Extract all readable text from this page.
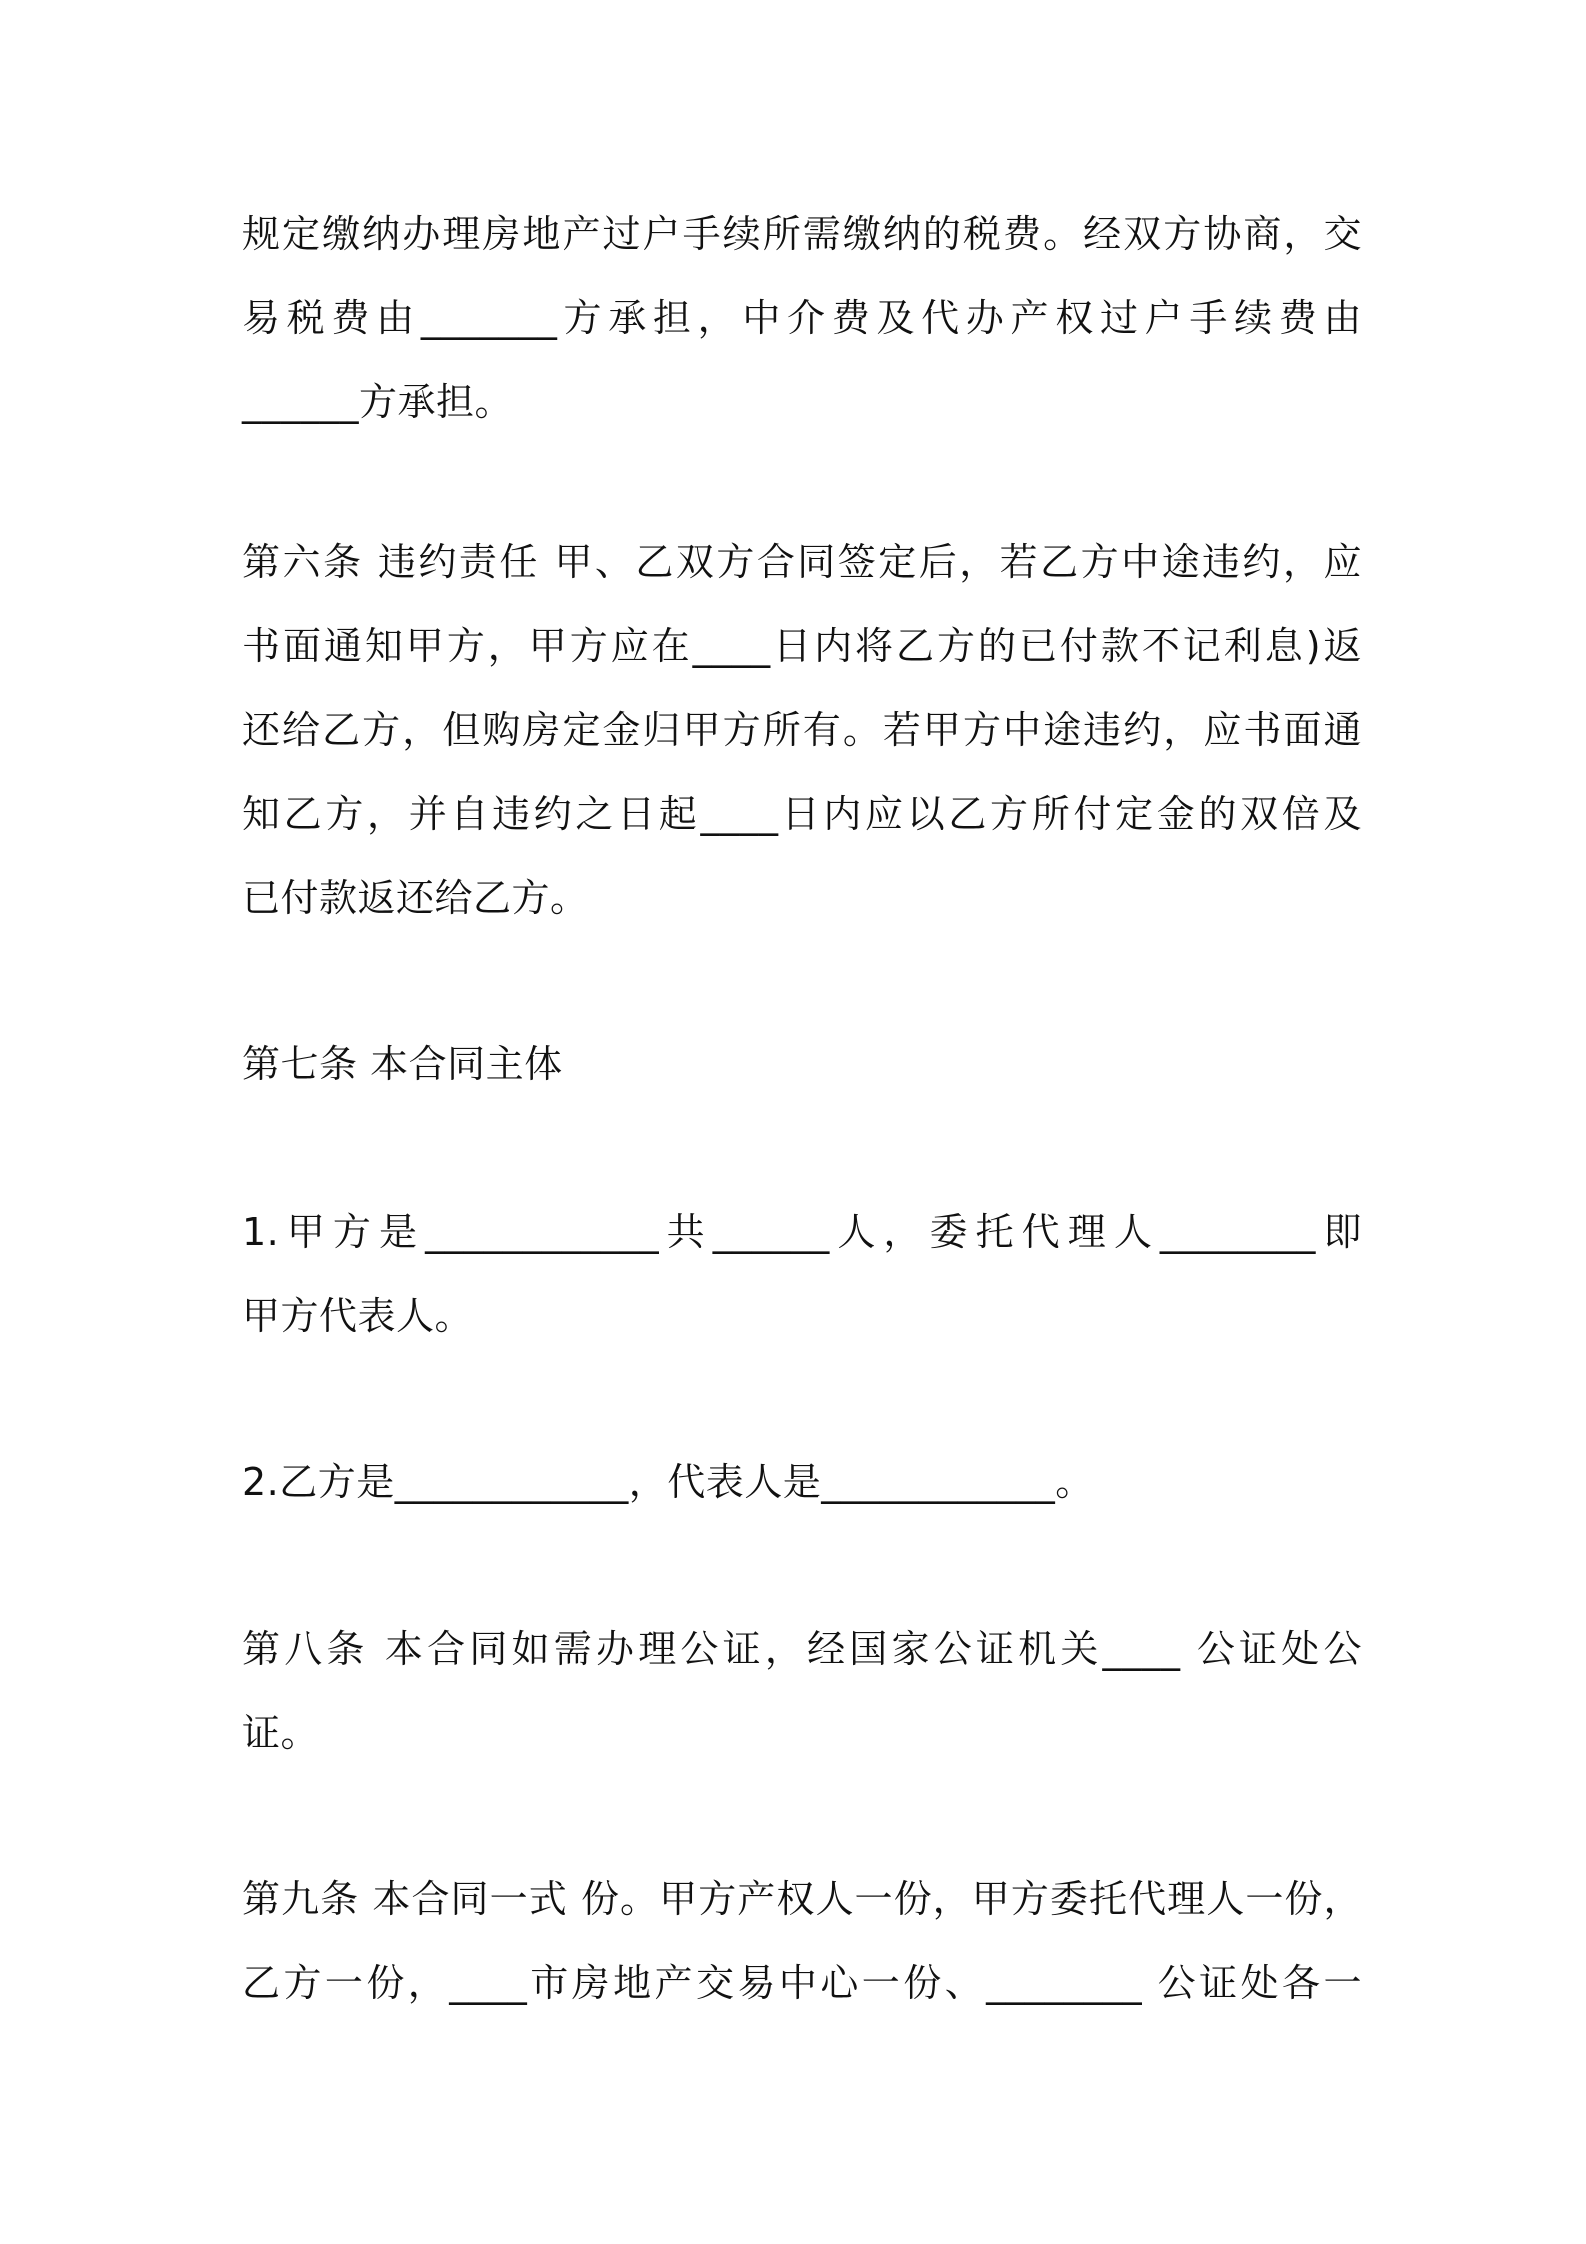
规定缴纳办理房地产过户手续所需缴纳的税费。经双方协商，交
易税费由_______方承担，中介费及代办产权过户手续费由
______方承担。
第六条 违约责任 甲、乙双方合同签定后，若乙方中途违约，应
书面通知甲方，甲方应在____日内将乙方的已付款不记利息)返
还给乙方，但购房定金归甲方所有。若甲方中途违约，应书面通
知乙方，并自违约之日起____日内应以乙方所付定金的双倍及
已付款返还给乙方。
第七条 本合同主体
1.甲方是____________共______人，委托代理人________即
甲方代表人。
2.乙方是____________，代表人是____________。
第八条 本合同如需办理公证，经国家公证机关____ 公证处公
证。
第九条 本合同一式 份。甲方产权人一份，甲方委托代理人一份，
乙方一份，____市房地产交易中心一份、________ 公证处各一
